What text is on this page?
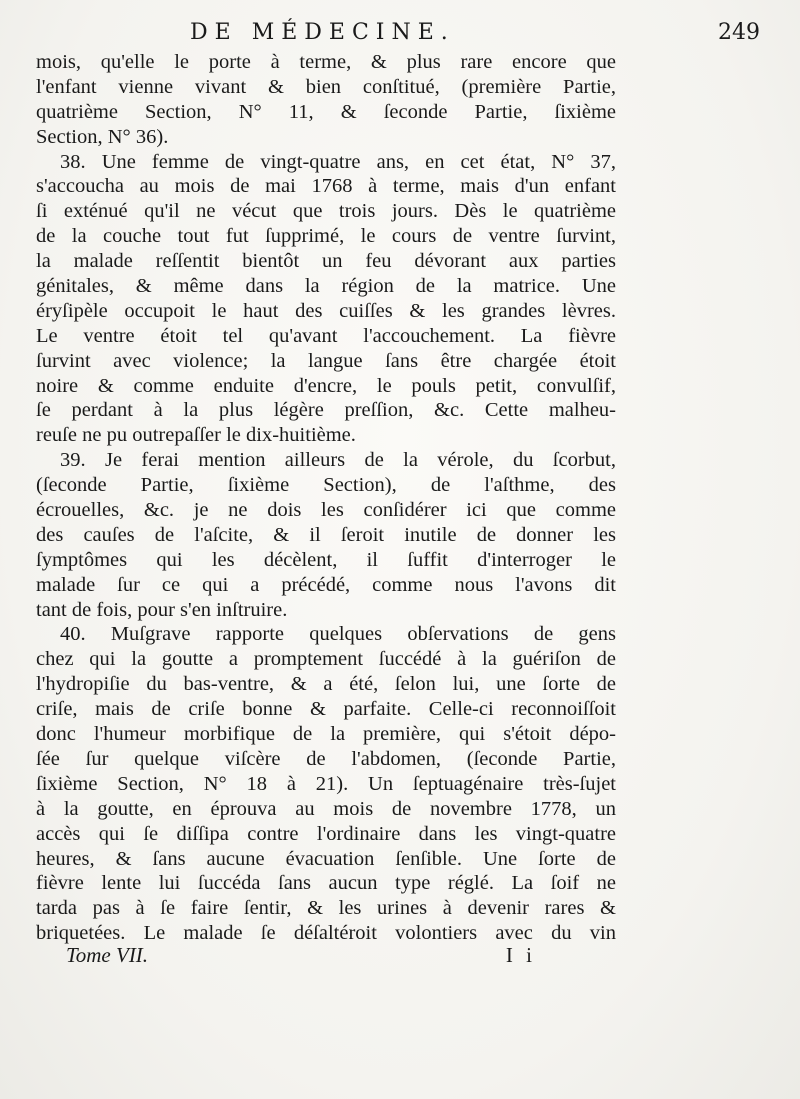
DE MÉDECINE.	249
mois, qu'elle le porte à terme, & plus rare encore que
l'enfant vienne vivant & bien conſtitué, (première Partie,
quatrième Section, N° 11, & ſeconde Partie, ſixième
Section, N° 36).
38. Une femme de vingt-quatre ans, en cet état, N° 37,
s'accoucha au mois de mai 1768 à terme, mais d'un enfant
ſi exténué qu'il ne vécut que trois jours. Dès le quatrième
de la couche tout fut ſupprimé, le cours de ventre ſurvint,
la malade reſſentit bientôt un feu dévorant aux parties
génitales, & même dans la région de la matrice. Une
éryſipèle occupoit le haut des cuiſſes & les grandes lèvres.
Le ventre étoit tel qu'avant l'accouchement. La fièvre
ſurvint avec violence; la langue ſans être chargée étoit
noire & comme enduite d'encre, le pouls petit, convulſif,
ſe perdant à la plus légère preſſion, &c. Cette malheu-
reuſe ne pu outrepaſſer le dix-huitième.
39. Je ferai mention ailleurs de la vérole, du ſcorbut,
(ſeconde Partie, ſixième Section), de l'aſthme, des
écrouelles, &c. je ne dois les conſidérer ici que comme
des cauſes de l'aſcite, & il ſeroit inutile de donner les
ſymptômes qui les décèlent, il ſuffit d'interroger le
malade ſur ce qui a précédé, comme nous l'avons dit
tant de fois, pour s'en inſtruire.
40. Muſgrave rapporte quelques obſervations de gens
chez qui la goutte a promptement ſuccédé à la guériſon de
l'hydropiſie du bas-ventre, & a été, ſelon lui, une ſorte de
criſe, mais de criſe bonne & parfaite. Celle-ci reconnoiſſoit
donc l'humeur morbifique de la première, qui s'étoit dépo-
ſée ſur quelque viſcère de l'abdomen, (ſeconde Partie,
ſixième Section, N° 18 à 21). Un ſeptuagénaire très-ſujet
à la goutte, en éprouva au mois de novembre 1778, un
accès qui ſe diſſipa contre l'ordinaire dans les vingt-quatre
heures, & ſans aucune évacuation ſenſible. Une ſorte de
fièvre lente lui ſuccéda ſans aucun type réglé. La ſoif ne
tarda pas à ſe faire ſentir, & les urines à devenir rares &
briquetées. Le malade ſe déſaltéroit volontiers avec du vin
Tome VII.	I i
